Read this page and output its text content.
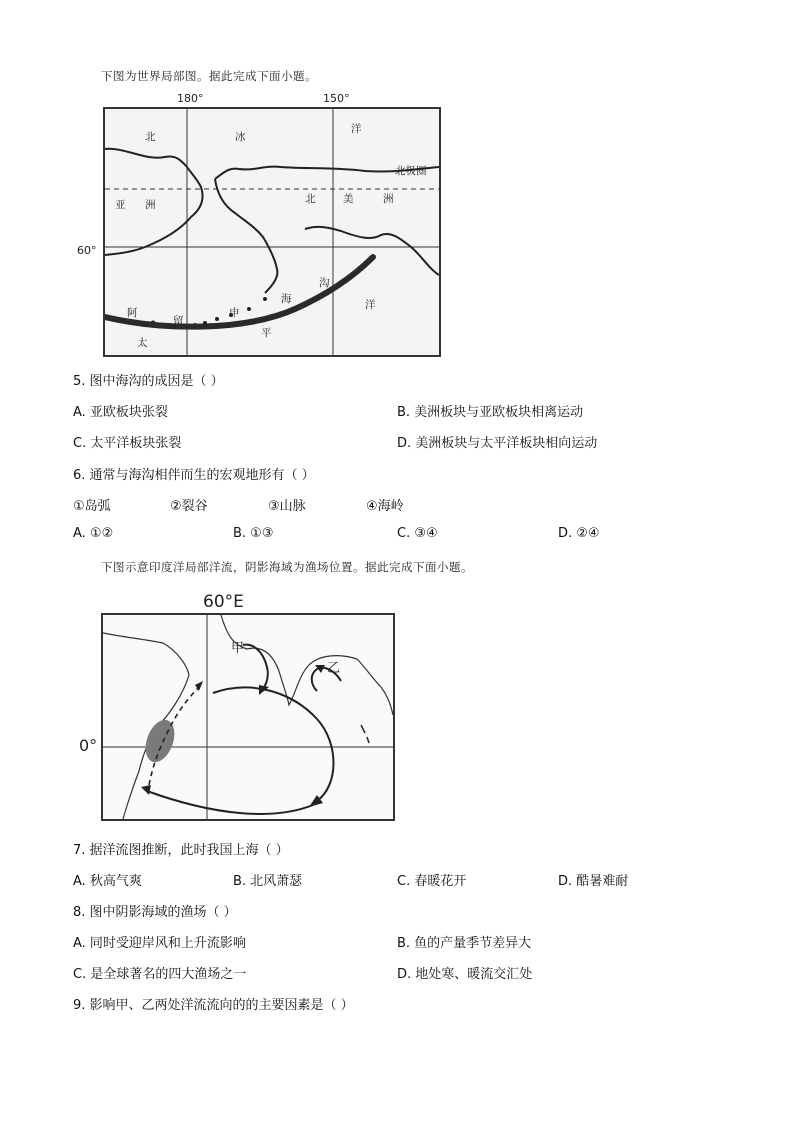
下图为世界局部图。据此完成下面小题。
180°	150°
60°
北	冰
洋
北极圈
亚 洲	北	美	洲
阿
留
申
海
沟
洋
平
太
5. 图中海沟的成因是（ ）
A. 亚欧板块张裂	B. 美洲板块与亚欧板块相离运动
C. 太平洋板块张裂	D. 美洲板块与太平洋板块相向运动
6. 通常与海沟相伴而生的宏观地形有（ ）
①岛弧	②裂谷	③山脉	④海岭
A. ①②	B. ①③	C. ③④	D. ②④
下图示意印度洋局部洋流，阴影海域为渔场位置。据此完成下面小题。
60°E
0°
甲
乙
7. 据洋流图推断，此时我国上海（ ）
A. 秋高气爽	B. 北风萧瑟	C. 春暖花开	D. 酷暑难耐
8. 图中阴影海域的渔场（ ）
A. 同时受迎岸风和上升流影响	B. 鱼的产量季节差异大
C. 是全球著名的四大渔场之一	D. 地处寒、暖流交汇处
9. 影响甲、乙两处洋流流向的的主要因素是（ ）
